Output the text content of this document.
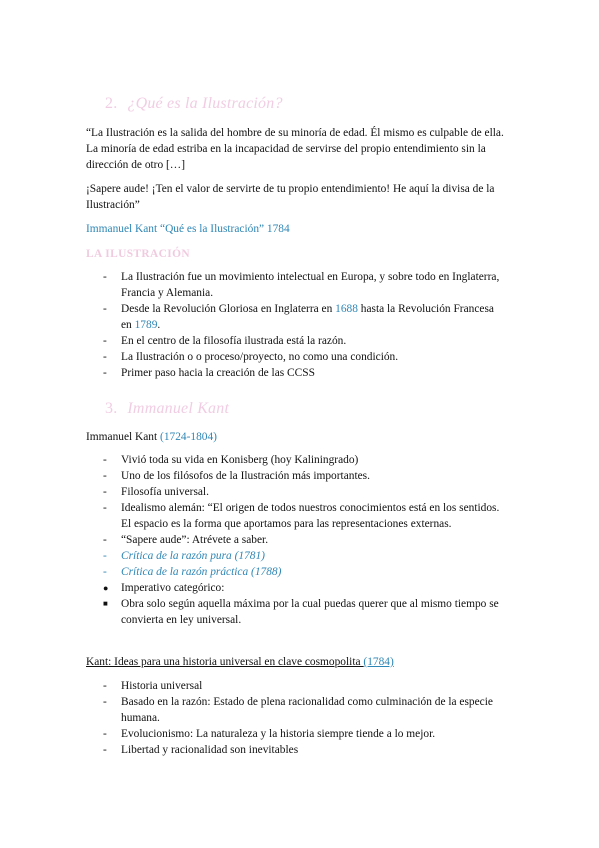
2. ¿Qué es la Ilustración?

“La Ilustración es la salida del hombre de su minoría de edad. Él mismo es culpable de ella. La minoría de edad estriba en la incapacidad de servirse del propio entendimiento sin la dirección de otro […]

¡Sapere aude! ¡Ten el valor de servirte de tu propio entendimiento! He aquí la divisa de la Ilustración”

Immanuel Kant “Qué es la Ilustración” 1784

LA ILUSTRACIÓN
- La Ilustración fue un movimiento intelectual en Europa, y sobre todo en Inglaterra, Francia y Alemania.
- Desde la Revolución Gloriosa en Inglaterra en 1688 hasta la Revolución Francesa en 1789.
- En el centro de la filosofía ilustrada está la razón.
- La Ilustración o o proceso/proyecto, no como una condición.
- Primer paso hacia la creación de las CCSS
3. Immanuel Kant

Immanuel Kant (1724-1804)

- Vivió toda su vida en Konisberg (hoy Kaliningrado)
- Uno de los filósofos de la Ilustración más importantes.
- Filosofía universal.
- Idealismo alemán: “El origen de todos nuestros conocimientos está en los sentidos. El espacio es la forma que aportamos para las representaciones externas.
- “Sapere aude”: Atrévete a saber.
- Crítica de la razón pura (1781)
- Crítica de la razón práctica (1788)
● Imperativo categórico:
■ Obra solo según aquella máxima por la cual puedas querer que al mismo tiempo se convierta en ley universal.

Kant: Ideas para una historia universal en clave cosmopolita (1784)

- Historia universal
- Basado en la razón: Estado de plena racionalidad como culminación de la especie humana.
- Evolucionismo: La naturaleza y la historia siempre tiende a lo mejor.
- Libertad y racionalidad son inevitables
